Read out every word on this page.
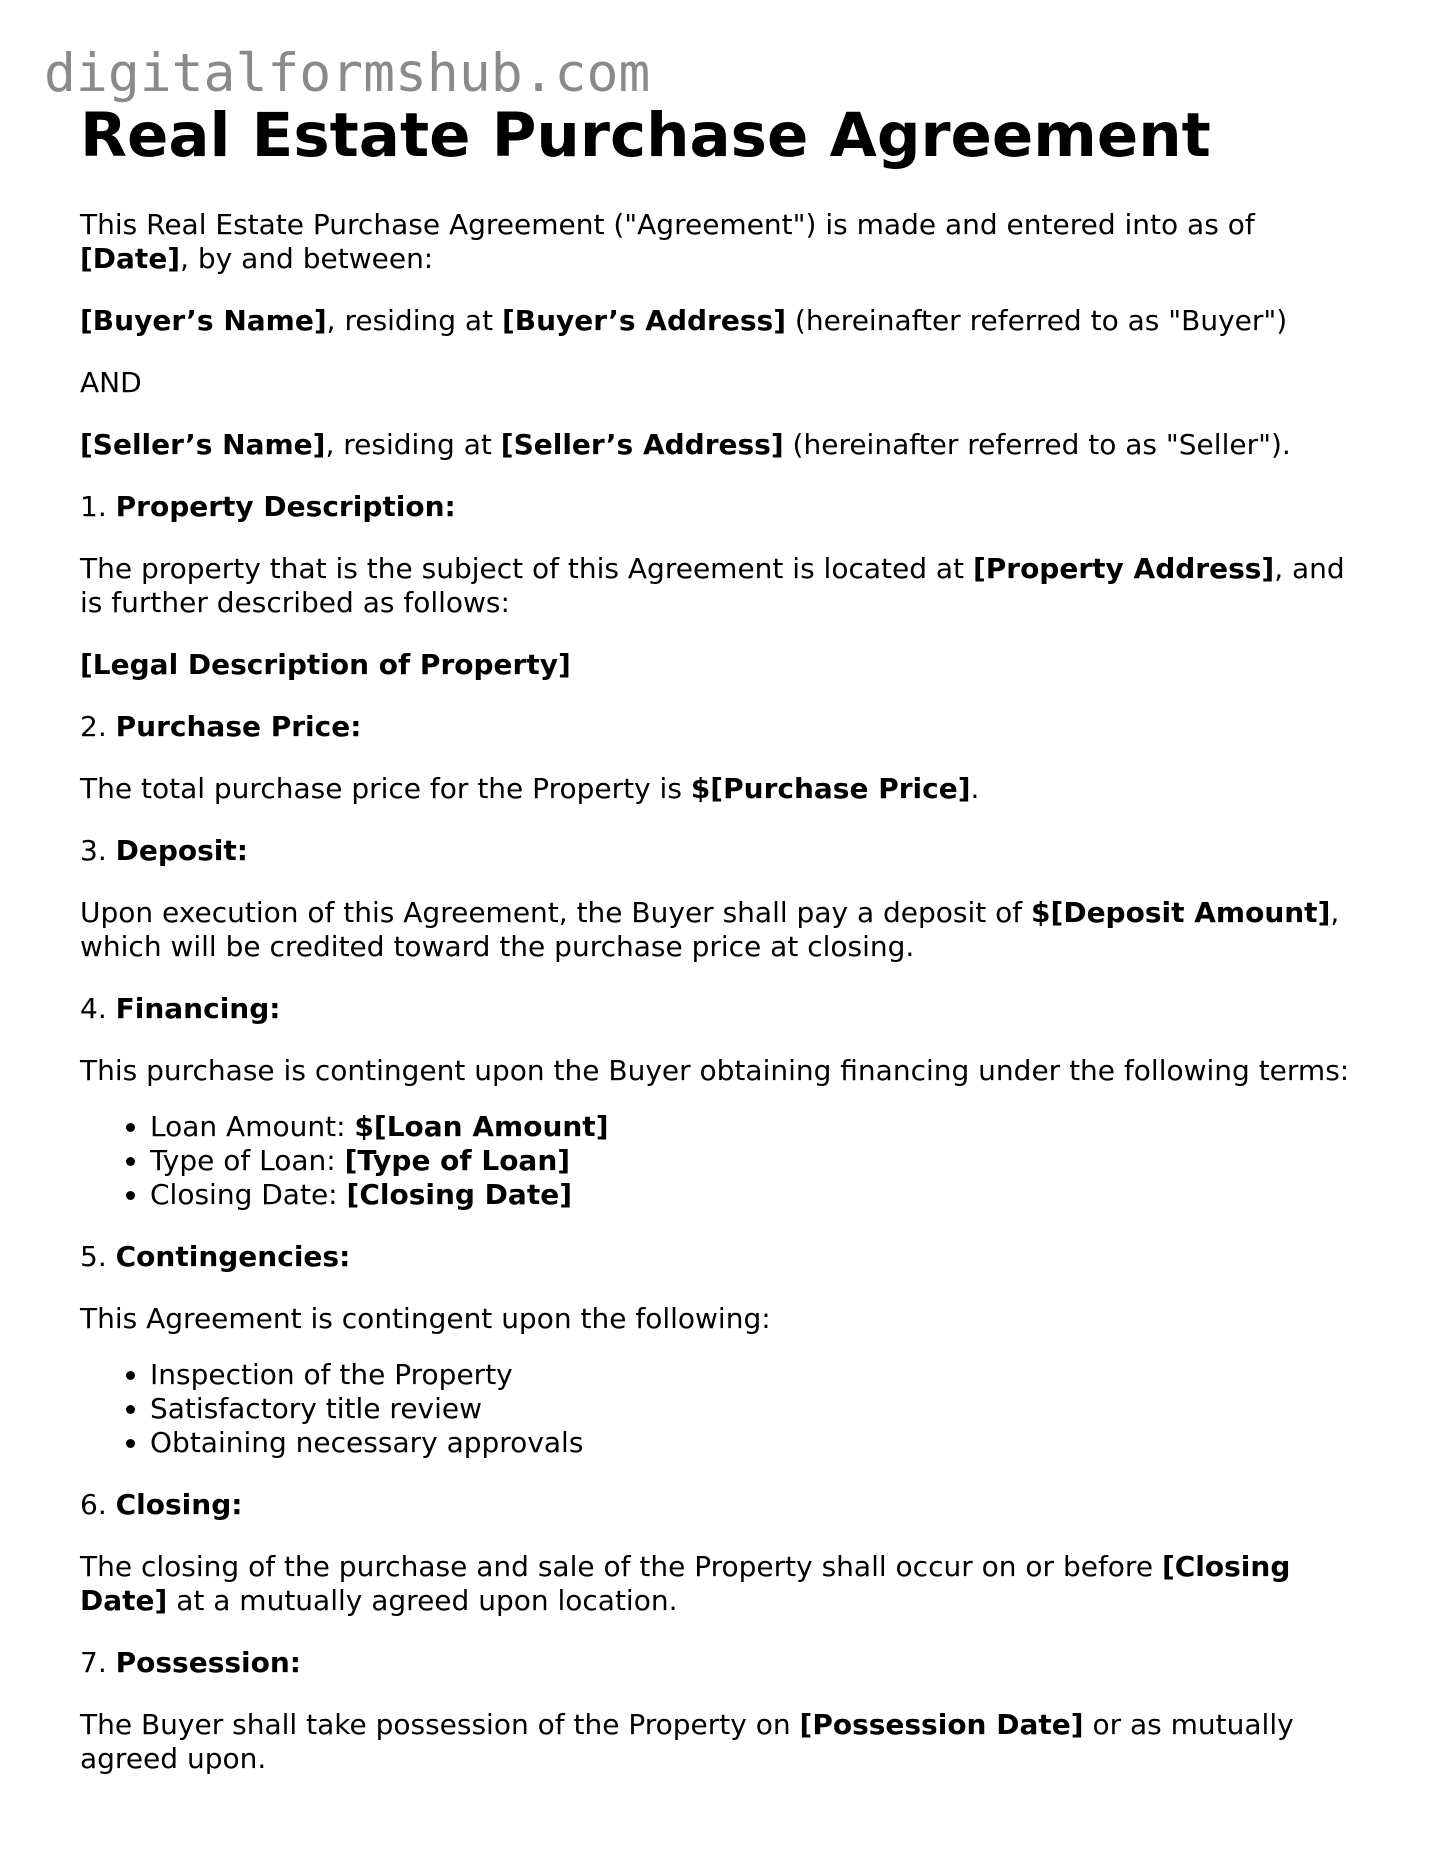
digitalformshub.com
Real Estate Purchase Agreement

This Real Estate Purchase Agreement ("Agreement") is made and entered into as of [Date], by and between:

[Buyer’s Name], residing at [Buyer’s Address] (hereinafter referred to as "Buyer")

AND

[Seller’s Name], residing at [Seller’s Address] (hereinafter referred to as "Seller").

1. Property Description:

The property that is the subject of this Agreement is located at [Property Address], and is further described as follows:

[Legal Description of Property]

2. Purchase Price:

The total purchase price for the Property is $[Purchase Price].

3. Deposit:

Upon execution of this Agreement, the Buyer shall pay a deposit of $[Deposit Amount], which will be credited toward the purchase price at closing.

4. Financing:

This purchase is contingent upon the Buyer obtaining financing under the following terms:

• Loan Amount: $[Loan Amount]
• Type of Loan: [Type of Loan]
• Closing Date: [Closing Date]

5. Contingencies:

This Agreement is contingent upon the following:

• Inspection of the Property
• Satisfactory title review
• Obtaining necessary approvals

6. Closing:

The closing of the purchase and sale of the Property shall occur on or before [Closing Date] at a mutually agreed upon location.

7. Possession:

The Buyer shall take possession of the Property on [Possession Date] or as mutually agreed upon.
